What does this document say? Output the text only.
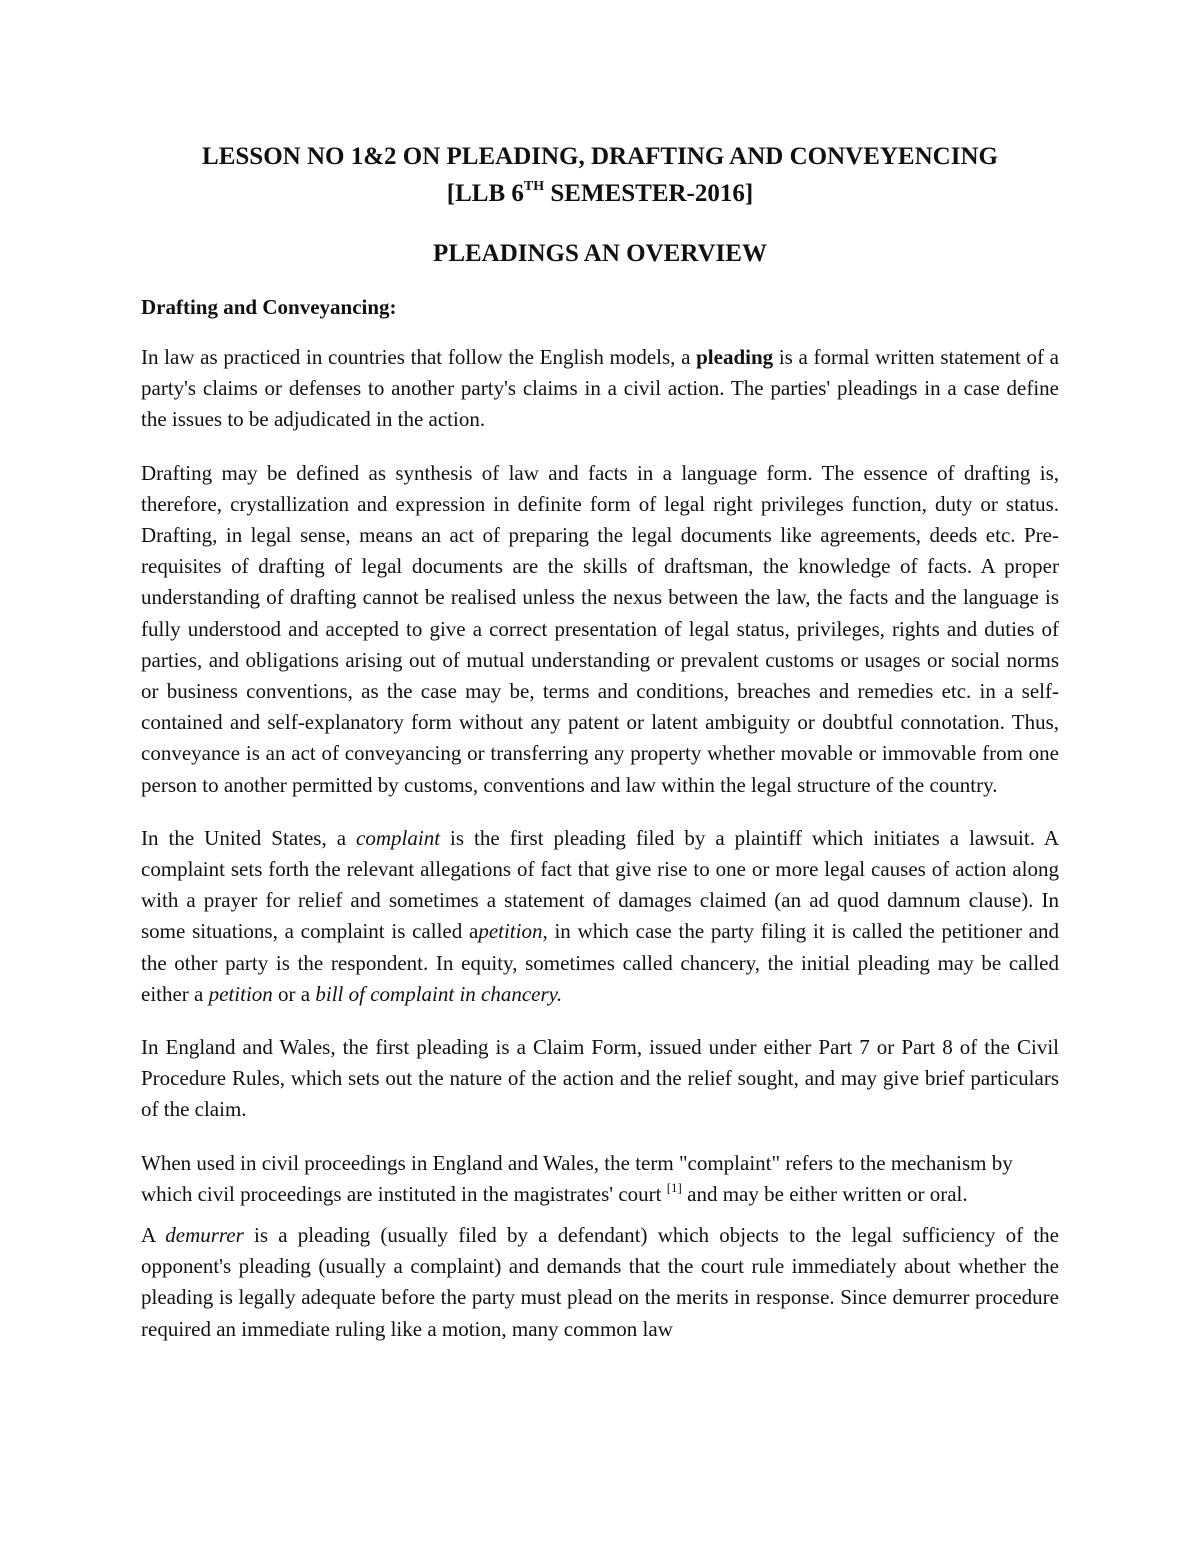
LESSON NO 1&2 ON PLEADING, DRAFTING AND CONVEYENCING
[LLB 6TH SEMESTER-2016]
PLEADINGS AN OVERVIEW
Drafting and Conveyancing:

In law as practiced in countries that follow the English models, a pleading is a formal written statement of a party's claims or defenses to another party's claims in a civil action. The parties' pleadings in a case define the issues to be adjudicated in the action.

Drafting may be defined as synthesis of law and facts in a language form. The essence of drafting is, therefore, crystallization and expression in definite form of legal right privileges function, duty or status. Drafting, in legal sense, means an act of preparing the legal documents like agreements, deeds etc. Pre-requisites of drafting of legal documents are the skills of draftsman, the knowledge of facts. A proper understanding of drafting cannot be realised unless the nexus between the law, the facts and the language is fully understood and accepted to give a correct presentation of legal status, privileges, rights and duties of parties, and obligations arising out of mutual understanding or prevalent customs or usages or social norms or business conventions, as the case may be, terms and conditions, breaches and remedies etc. in a self-contained and self-explanatory form without any patent or latent ambiguity or doubtful connotation. Thus, conveyance is an act of conveyancing or transferring any property whether movable or immovable from one person to another permitted by customs, conventions and law within the legal structure of the country.

In the United States, a complaint is the first pleading filed by a plaintiff which initiates a lawsuit. A complaint sets forth the relevant allegations of fact that give rise to one or more legal causes of action along with a prayer for relief and sometimes a statement of damages claimed (an ad quod damnum clause). In some situations, a complaint is called apetition, in which case the party filing it is called the petitioner and the other party is the respondent. In equity, sometimes called chancery, the initial pleading may be called either a petition or a bill of complaint in chancery.

In England and Wales, the first pleading is a Claim Form, issued under either Part 7 or Part 8 of the Civil Procedure Rules, which sets out the nature of the action and the relief sought, and may give brief particulars of the claim.

When used in civil proceedings in England and Wales, the term "complaint" refers to the mechanism by which civil proceedings are instituted in the magistrates' court [1] and may be either written or oral.

A demurrer is a pleading (usually filed by a defendant) which objects to the legal sufficiency of the opponent's pleading (usually a complaint) and demands that the court rule immediately about whether the pleading is legally adequate before the party must plead on the merits in response. Since demurrer procedure required an immediate ruling like a motion, many common law
